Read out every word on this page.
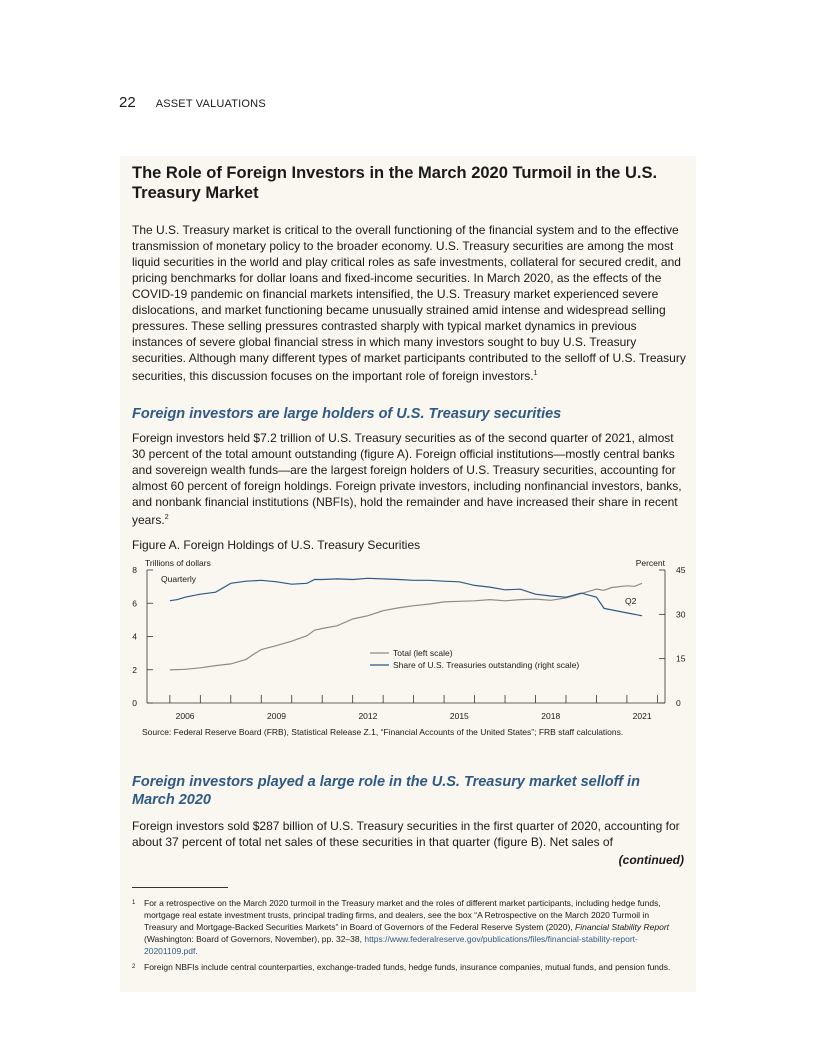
22 ASSET VALUATIONS
The Role of Foreign Investors in the March 2020 Turmoil in the U.S. Treasury Market

The U.S. Treasury market is critical to the overall functioning of the financial system and to the effective transmission of monetary policy to the broader economy. U.S. Treasury securities are among the most liquid securities in the world and play critical roles as safe investments, collateral for secured credit, and pricing benchmarks for dollar loans and fixed-income securities. In March 2020, as the effects of the COVID-19 pandemic on financial markets intensified, the U.S. Treasury market experienced severe dislocations, and market functioning became unusually strained amid intense and widespread selling pressures. These selling pressures contrasted sharply with typical market dynamics in previous instances of severe global financial stress in which many investors sought to buy U.S. Treasury securities. Although many different types of market participants contributed to the selloff of U.S. Treasury securities, this discussion focuses on the important role of foreign investors.$^1$

Foreign investors are large holders of U.S. Treasury securities

Foreign investors held $7.2 trillion of U.S. Treasury securities as of the second quarter of 2021, almost 30 percent of the total amount outstanding (figure A). Foreign official institutions—mostly central banks and sovereign wealth funds—are the largest foreign holders of U.S. Treasury securities, accounting for almost 60 percent of foreign holdings. Foreign private investors, including nonfinancial investors, banks, and nonbank financial institutions (NBFIs), hold the remainder and have increased their share in recent years.$^2$

Figure A. Foreign Holdings of U.S. Treasury Securities

Trillions of dollars	Percent
Quarterly
Q2
Total (left scale)
Share of U.S. Treasuries outstanding (right scale)
0
2
4
6
8
0
15
30
45
2006	2009	2012	2015	2018	2021

Source: Federal Reserve Board (FRB), Statistical Release Z.1, “Financial Accounts of the United States”; FRB staff calculations.

Foreign investors played a large role in the U.S. Treasury market selloff in March 2020

Foreign investors sold $287 billion of U.S. Treasury securities in the first quarter of 2020, accounting for about 37 percent of total net sales of these securities in that quarter (figure B). Net sales of

(continued)

1 For a retrospective on the March 2020 turmoil in the Treasury market and the roles of different market participants, including hedge funds, mortgage real estate investment trusts, principal trading firms, and dealers, see the box “A Retrospective on the March 2020 Turmoil in Treasury and Mortgage-Backed Securities Markets” in Board of Governors of the Federal Reserve System (2020), Financial Stability Report (Washington: Board of Governors, November), pp. 32–38, https://www.federalreserve.gov/publications/files/financial-stability-report-20201109.pdf.
2 Foreign NBFIs include central counterparties, exchange-traded funds, hedge funds, insurance companies, mutual funds, and pension funds.
